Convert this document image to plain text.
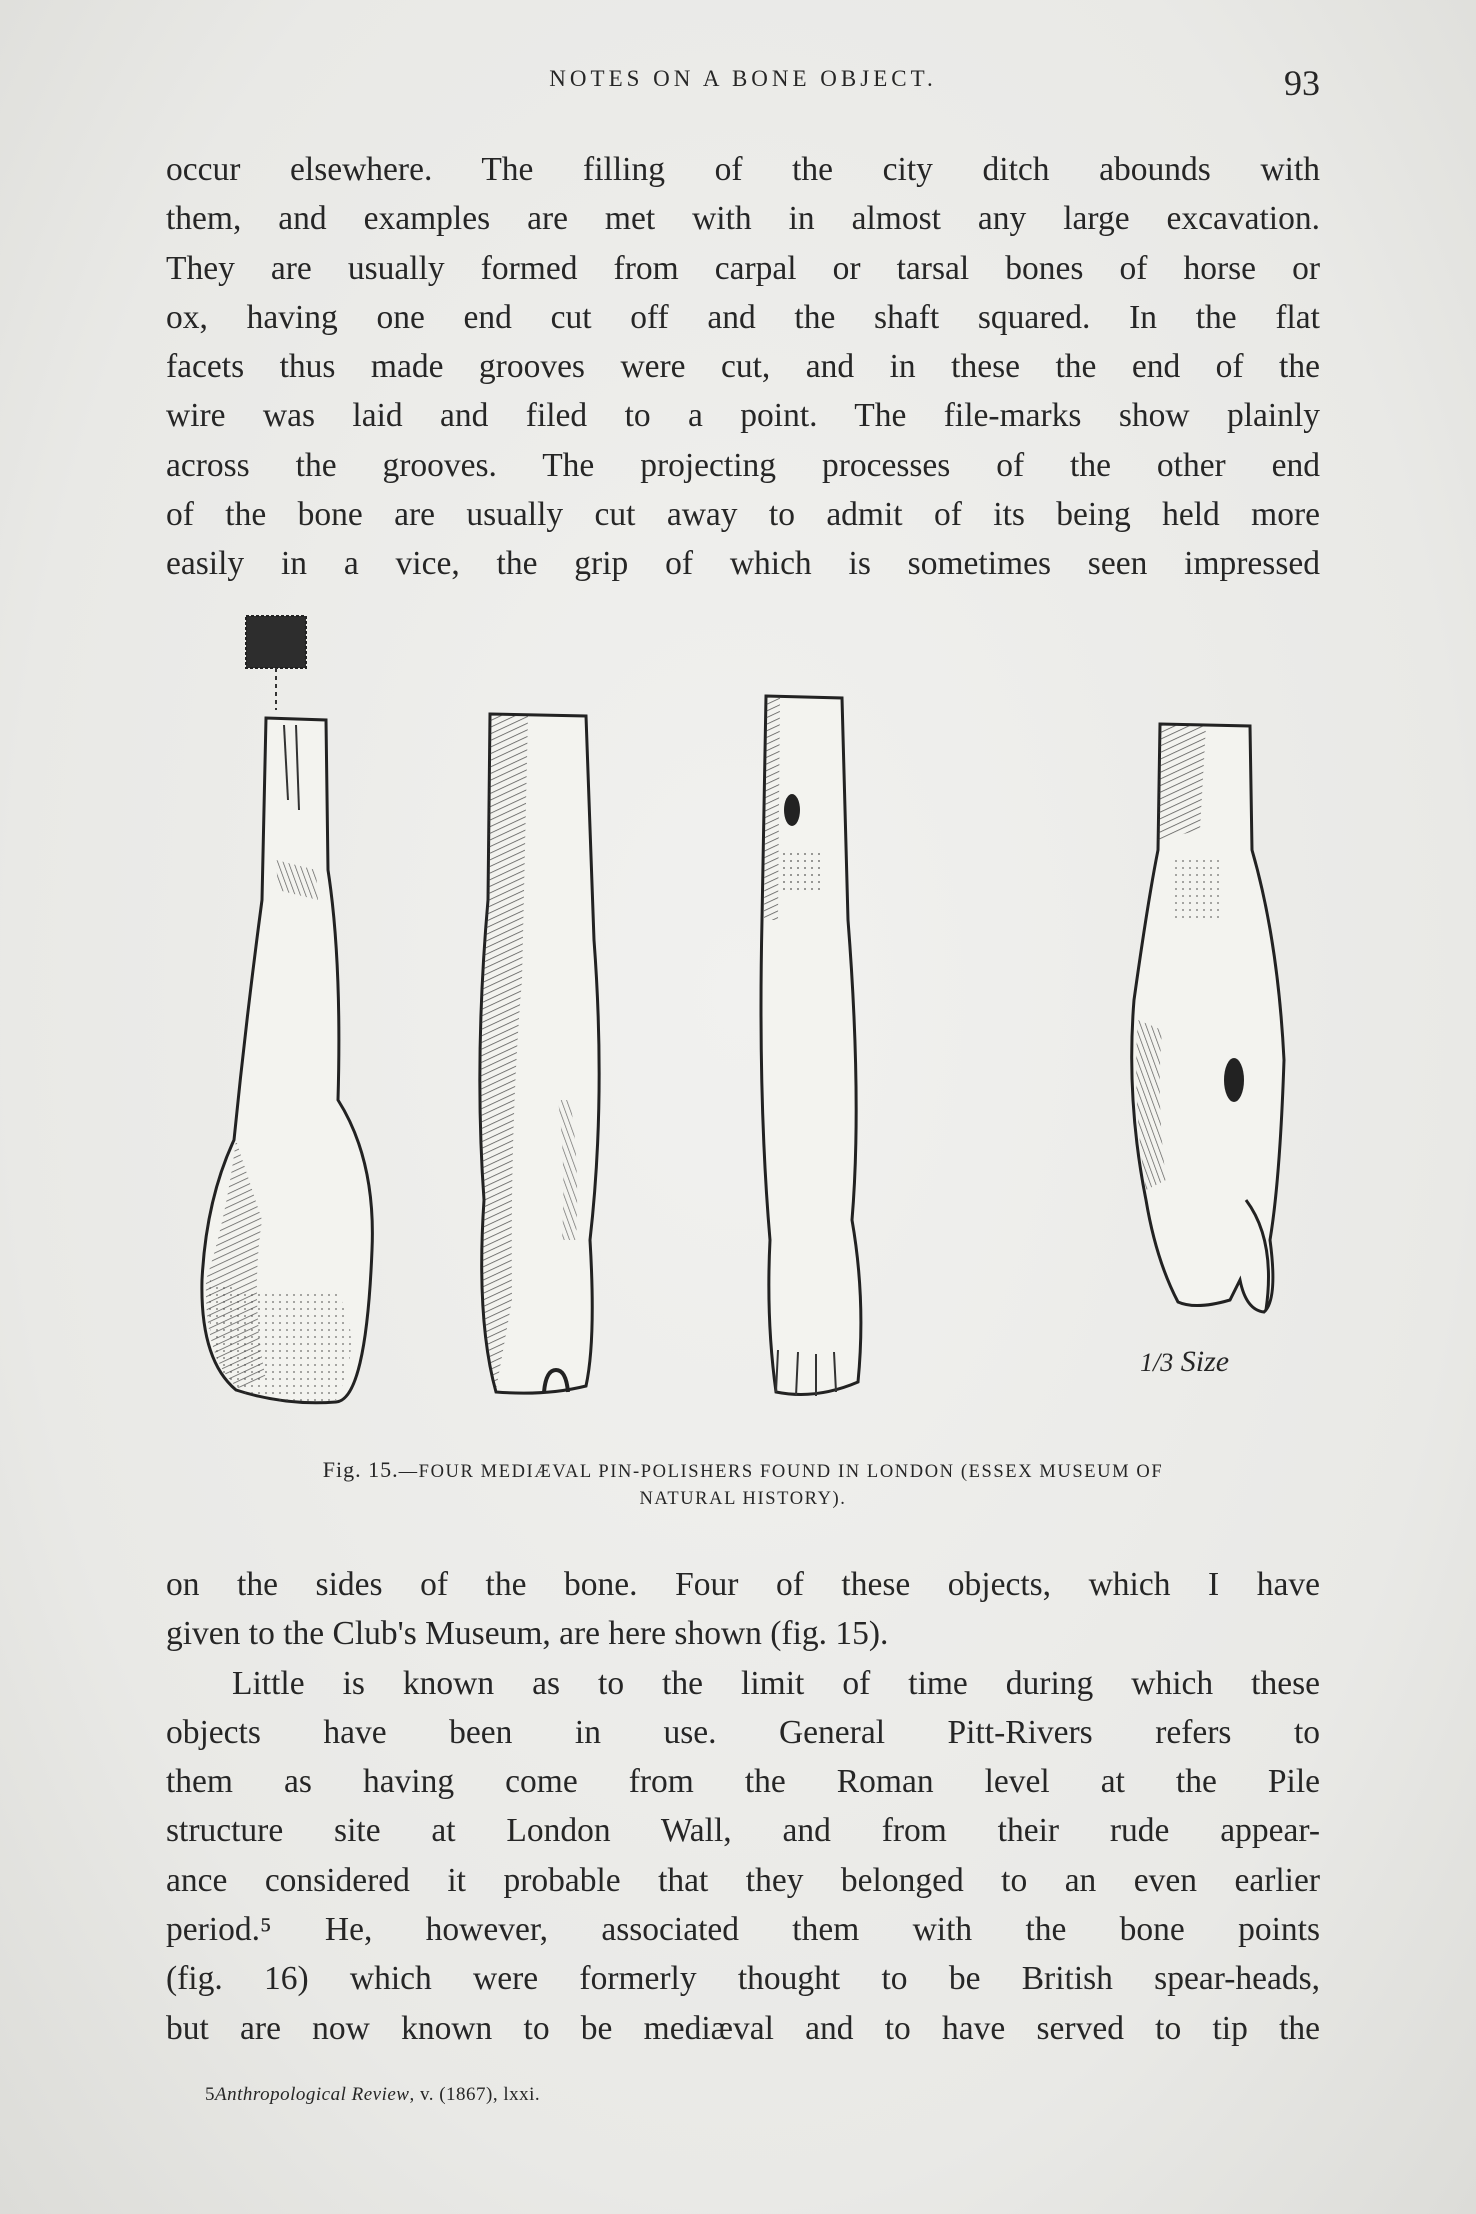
NOTES ON A BONE OBJECT.	93
occur elsewhere. The filling of the city ditch abounds with
them, and examples are met with in almost any large excavation.
They are usually formed from carpal or tarsal bones of horse or
ox, having one end cut off and the shaft squared. In the flat
facets thus made grooves were cut, and in these the end of the
wire was laid and filed to a point. The file-marks show plainly
across the grooves. The projecting processes of the other end
of the bone are usually cut away to admit of its being held more
easily in a vice, the grip of which is sometimes seen impressed
1/3 Size
Fig. 15.—FOUR MEDIÆVAL PIN-POLISHERS FOUND IN LONDON (ESSEX MUSEUM OF
NATURAL HISTORY).
on the sides of the bone. Four of these objects, which I have
given to the Club's Museum, are here shown (fig. 15).
Little is known as to the limit of time during which these
objects have been in use. General Pitt-Rivers refers to
them as having come from the Roman level at the Pile
structure site at London Wall, and from their rude appear-
ance considered it probable that they belonged to an even earlier
period.⁵ He, however, associated them with the bone points
(fig. 16) which were formerly thought to be British spear-heads,
but are now known to be mediæval and to have served to tip the
5Anthropological Review, v. (1867), lxxi.
